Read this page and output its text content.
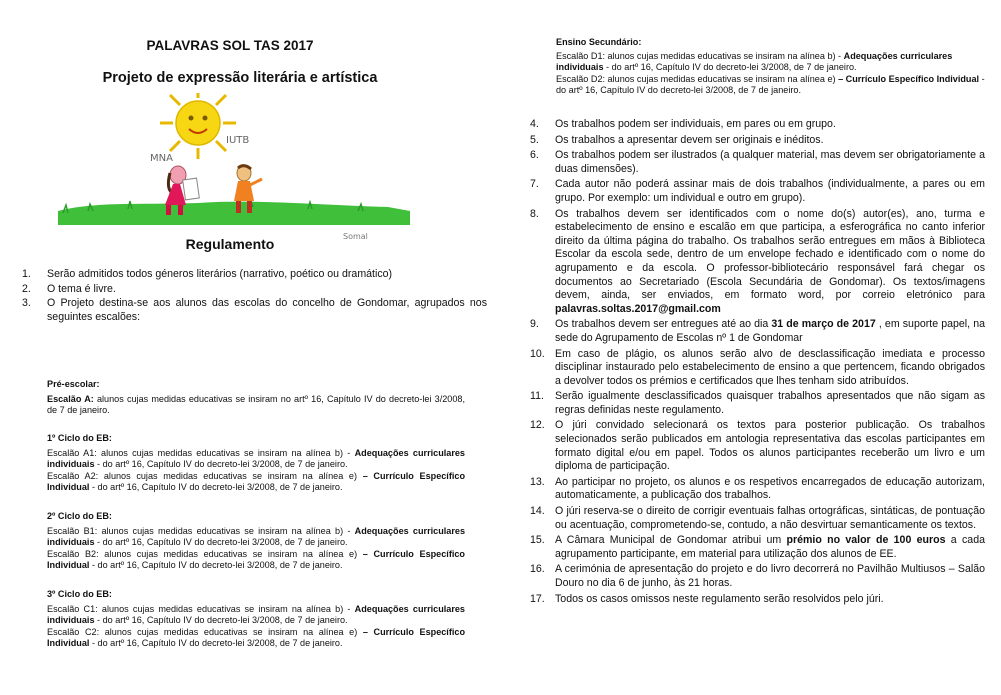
PALAVRAS SOL TAS 2017
Projeto de expressão literária e artística
MNA
IUTB
Somal
Regulamento
1. Serão admitidos todos géneros literários (narrativo, poético ou dramático)
2. O tema é livre.
3. O Projeto destina-se aos alunos das escolas do concelho de Gondomar, agrupados nos seguintes escalões:

Pré-escolar:

Escalão A: alunos cujas medidas educativas se insiram no artº 16, Capítulo IV do decreto-lei 3/2008, de 7 de janeiro.

1º Ciclo do EB:

Escalão A1: alunos cujas medidas educativas se insiram na alínea b) - Adequações curriculares individuais - do artº 16, Capítulo IV do decreto-lei 3/2008, de 7 de janeiro.

Escalão A2: alunos cujas medidas educativas se insiram na alínea e) – Currículo Específico Individual - do artº 16, Capítulo IV do decreto-lei 3/2008, de 7 de janeiro.

2º Ciclo do EB:

Escalão B1: alunos cujas medidas educativas se insiram na alínea b) - Adequações curriculares individuais - do artº 16, Capítulo IV do decreto-lei 3/2008, de 7 de janeiro.

Escalão B2: alunos cujas medidas educativas se insiram na alínea e) – Currículo Específico Individual - do artº 16, Capítulo IV do decreto-lei 3/2008, de 7 de janeiro.

3º Ciclo do EB:

Escalão C1: alunos cujas medidas educativas se insiram na alínea b) - Adequações curriculares individuais - do artº 16, Capítulo IV do decreto-lei 3/2008, de 7 de janeiro.

Escalão C2: alunos cujas medidas educativas se insiram na alínea e) – Currículo Específico Individual - do artº 16, Capítulo IV do decreto-lei 3/2008, de 7 de janeiro.

Ensino Secundário:

Escalão D1: alunos cujas medidas educativas se insiram na alínea b) - Adequações curriculares individuais - do artº 16, Capítulo IV do decreto-lei 3/2008, de 7 de janeiro.

Escalão D2: alunos cujas medidas educativas se insiram na alínea e) – Currículo Específico Individual - do artº 16, Capítulo IV do decreto-lei 3/2008, de 7 de janeiro.

4. Os trabalhos podem ser individuais, em pares ou em grupo.
5. Os trabalhos a apresentar devem ser originais e inéditos.
6. Os trabalhos podem ser ilustrados (a qualquer material, mas devem ser obrigatoriamente a duas dimensões).
7. Cada autor não poderá assinar mais de dois trabalhos (individualmente, a pares ou em grupo. Por exemplo: um individual e outro em grupo).
8. Os trabalhos devem ser identificados com o nome do(s) autor(es), ano, turma e estabelecimento de ensino e escalão em que participa, a esferográfica no canto inferior direito da última página do trabalho. Os trabalhos serão entregues em mãos à Biblioteca Escolar da escola sede, dentro de um envelope fechado e identificado com o nome do agrupamento e da escola. O professor-bibliotecário responsável fará chegar os documentos ao Secretariado (Escola Secundária de Gondomar). Os textos/imagens devem, ainda, ser enviados, em formato word, por correio eletrónico para palavras.soltas.2017@gmail.com
9. Os trabalhos devem ser entregues até ao dia 31 de março de 2017 , em suporte papel, na sede do Agrupamento de Escolas nº 1 de Gondomar
10. Em caso de plágio, os alunos serão alvo de desclassificação imediata e processo disciplinar instaurado pelo estabelecimento de ensino a que pertencem, ficando obrigados a devolver todos os prémios e certificados que lhes tenham sido atribuídos.
11. Serão igualmente desclassificados quaisquer trabalhos apresentados que não sigam as regras definidas neste regulamento.
12. O júri convidado selecionará os textos para posterior publicação. Os trabalhos selecionados serão publicados em antologia representativa das escolas participantes em formato digital e/ou em papel. Todos os alunos participantes receberão um livro e um diploma de participação.
13. Ao participar no projeto, os alunos e os respetivos encarregados de educação autorizam, automaticamente, a publicação dos trabalhos.
14. O júri reserva-se o direito de corrigir eventuais falhas ortográficas, sintáticas, de pontuação ou acentuação, comprometendo-se, contudo, a não desvirtuar semanticamente os textos.
15. A Câmara Municipal de Gondomar atribui um prémio no valor de 100 euros a cada agrupamento participante, em material para utilização dos alunos de EE.
16. A cerimónia de apresentação do projeto e do livro decorrerá no Pavilhão Multiusos – Salão Douro no dia 6 de junho, às 21 horas.
17. Todos os casos omissos neste regulamento serão resolvidos pelo júri.
